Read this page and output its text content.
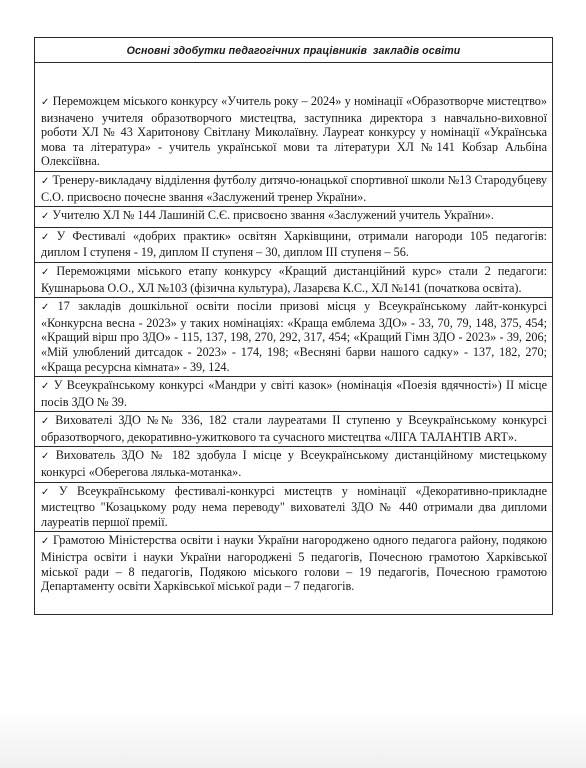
Основні здобутки педагогічних працівників  закладів освіти
✓ Переможцем міського конкурсу «Учитель року – 2024» у номінації «Образотворче мистецтво» визначено учителя образотворчого мистецтва, заступника директора з навчально-виховної роботи ХЛ № 43 Харитонову Світлану Миколаївну. Лауреат конкурсу у номінації «Українська мова та література» - учитель української мови та літератури ХЛ №141 Кобзар Альбіна Олексіївна.
✓ Тренеру-викладачу відділення футболу дитячо-юнацької спортивної школи №13 Стародубцеву С.О. присвоєно почесне звання «Заслужений тренер України».
✓ Учителю ХЛ № 144 Лашиній С.Є. присвоєно звання «Заслужений учитель України».
✓ У Фестивалі «добрих практик» освітян Харківщини, отримали нагороди 105 педагогів: диплом І ступеня - 19, диплом ІІ ступеня – 30, диплом ІІІ ступеня – 56.
✓ Переможцями міського етапу конкурсу «Кращий дистанційний курс» стали 2 педагоги: Кушнарьова О.О., ХЛ №103 (фізична культура), Лазарєва К.С., ХЛ №141 (початкова освіта).
✓ 17 закладів дошкільної освіти посіли призові місця у Всеукраїнському лайт-конкурсі «Конкурсна весна - 2023» у таких номінаціях: «Краща емблема ЗДО» - 33, 70, 79, 148, 375, 454; «Кращий вірш про ЗДО» - 115, 137, 198, 270, 292, 317, 454; «Кращий Гімн ЗДО - 2023» - 39, 206; «Мій улюблений дитсадок - 2023» - 174, 198; «Весняні барви нашого садку» - 137, 182, 270; «Краща ресурсна кімната» - 39, 124.
✓ У Всеукраїнському конкурсі «Мандри у світі казок» (номінація «Поезія вдячності») ІІ місце посів ЗДО № 39.
✓ Вихователі ЗДО №№ 336, 182 стали лауреатами ІІ ступеню у Всеукраїнському конкурсі образотворчого, декоративно-ужиткового та сучасного мистецтва «ЛІГА ТАЛАНТІВ ART».
✓ Вихователь ЗДО № 182 здобула І місце у Всеукраїнському дистанційному мистецькому конкурсі «Оберегова лялька-мотанка».
✓ У Всеукраїнському фестивалі-конкурсі мистецтв у номінації «Декоративно-прикладне мистецтво "Козацькому роду нема переводу" вихователі ЗДО № 440 отримали два дипломи лауреатів першої премії.
✓ Грамотою Міністерства освіти і науки України нагороджено одного педагога району, подякою Міністра освіти і науки України нагороджені 5 педагогів, Почесною грамотою Харківської міської ради – 8 педагогів, Подякою міського голови – 19 педагогів, Почесною грамотою Департаменту освіти Харківської міської ради – 7 педагогів.
